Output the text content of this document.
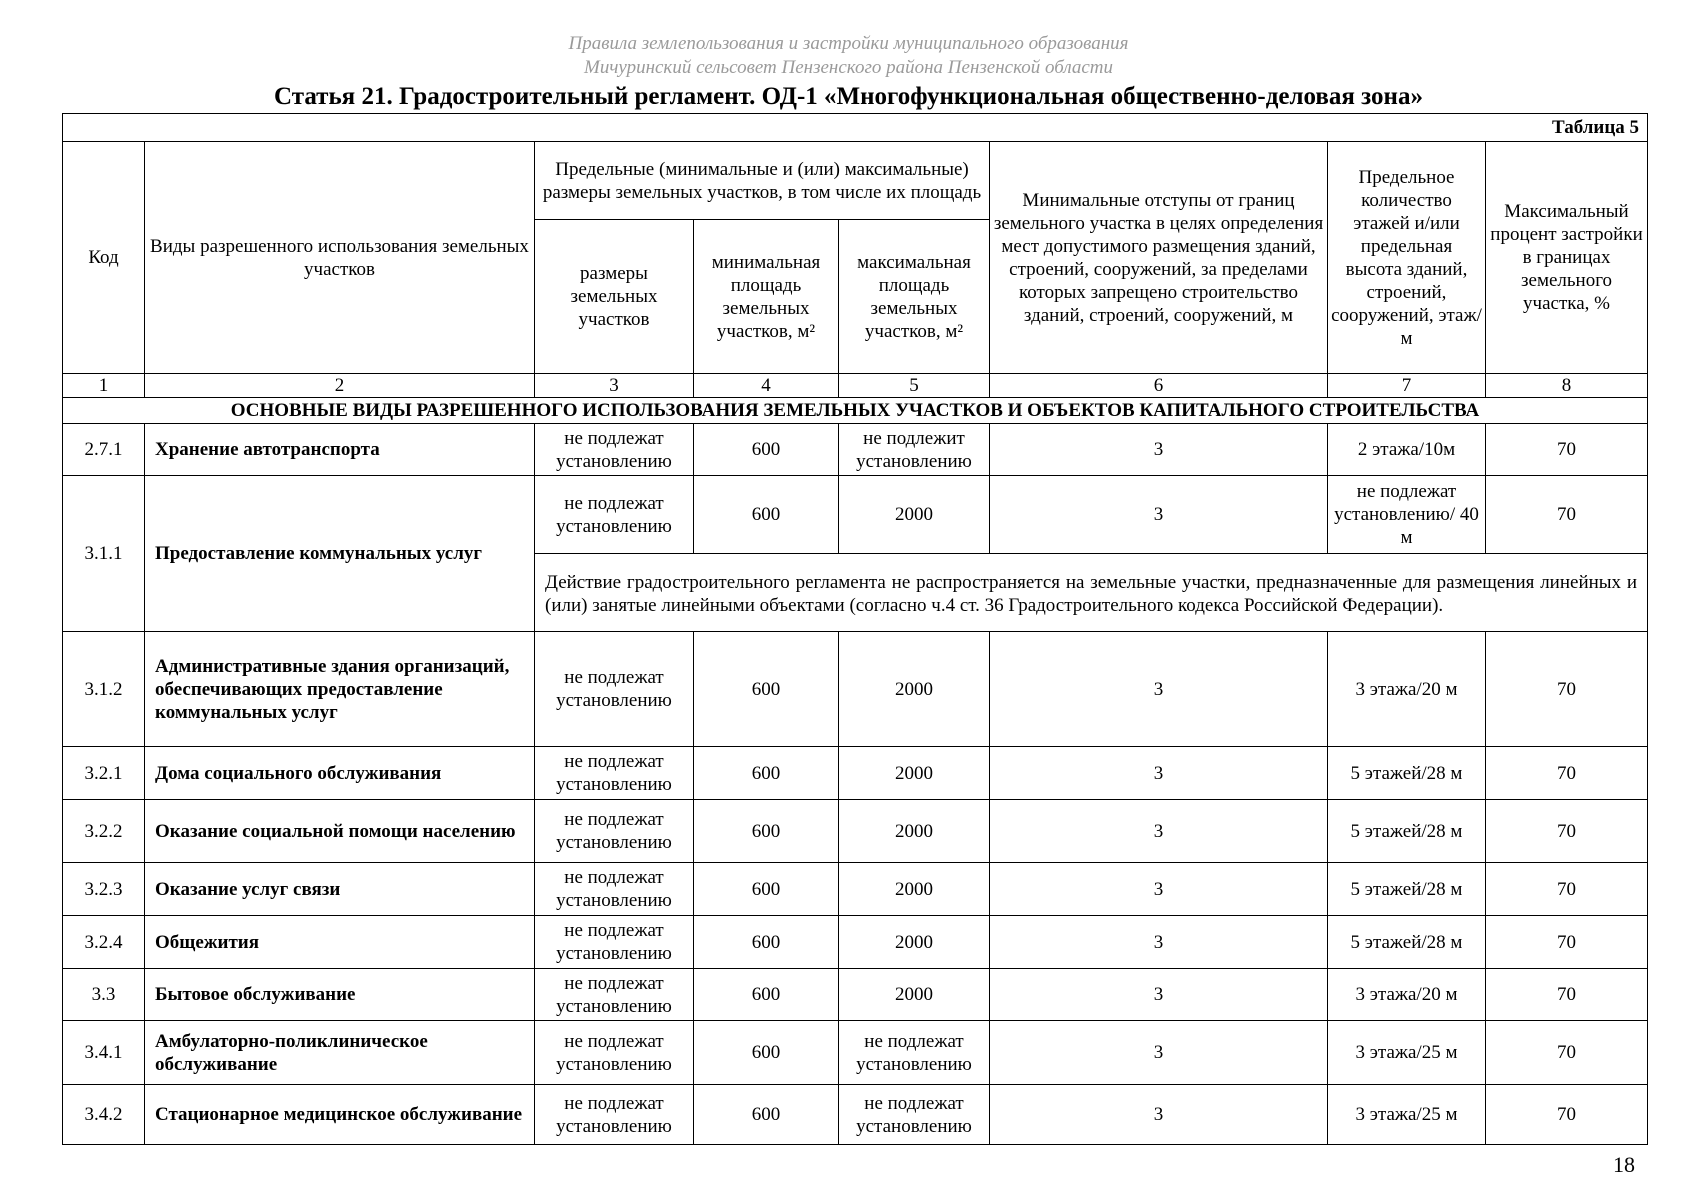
Правила землепользования и застройки муниципального образования
Мичуринский сельсовет Пензенского района Пензенской области
Статья 21. Градостроительный регламент. ОД-1 «Многофункциональная общественно-деловая зона»
Таблица 5							
Код	Виды разрешенного использования земельных участков	Предельные (минимальные и (или) максимальные) размеры земельных участков, в том числе их площадь			Минимальные отступы от границ земельного участка в целях определения мест допустимого размещения зданий, строений, сооружений, за пределами которых запрещено строительство зданий, строений, сооружений, м	Предельное количество этажей и/или предельная высота зданий, строений, сооружений, этаж/м	Максимальный процент застройки в границах земельного участка, %
		размеры земельных участков	минимальная площадь земельных участков, м²	максимальная площадь земельных участков, м²			
1	2	3	4	5	6	7	8
ОСНОВНЫЕ ВИДЫ РАЗРЕШЕННОГО ИСПОЛЬЗОВАНИЯ ЗЕМЕЛЬНЫХ УЧАСТКОВ И ОБЪЕКТОВ КАПИТАЛЬНОГО СТРОИТЕЛЬСТВА							
2.7.1	Хранение автотранспорта	не подлежат установлению	600	не подлежит установлению	3	2 этажа/10м	70
3.1.1	Предоставление коммунальных услуг	не подлежат установлению	600	2000	3	не подлежат установлению/ 40 м	70
		Действие градостроительного регламента не распространяется на земельные участки, предназначенные для размещения линейных и (или) занятые линейными объектами (согласно ч.4 ст. 36 Градостроительного кодекса Российской Федерации).					
3.1.2	Административные здания организаций, обеспечивающих предоставление коммунальных услуг	не подлежат установлению	600	2000	3	3 этажа/20 м	70
3.2.1	Дома социального обслуживания	не подлежат установлению	600	2000	3	5 этажей/28 м	70
3.2.2	Оказание социальной помощи населению	не подлежат установлению	600	2000	3	5 этажей/28 м	70
3.2.3	Оказание услуг связи	не подлежат установлению	600	2000	3	5 этажей/28 м	70
3.2.4	Общежития	не подлежат установлению	600	2000	3	5 этажей/28 м	70
3.3	Бытовое обслуживание	не подлежат установлению	600	2000	3	3 этажа/20 м	70
3.4.1	Амбулаторно-поликлиническое обслуживание	не подлежат установлению	600	не подлежат установлению	3	3 этажа/25 м	70
3.4.2	Стационарное медицинское обслуживание	не подлежат установлению	600	не подлежат установлению	3	3 этажа/25 м	70
18
